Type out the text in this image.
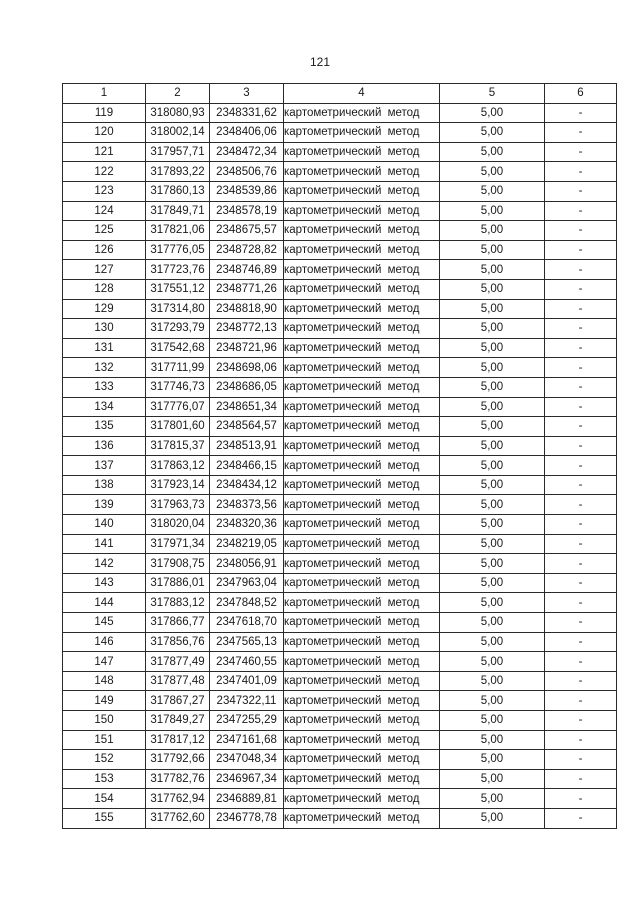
121
1	2	3	4	5	6
119	318080,93	2348331,62	картометрический метод	5,00	-
120	318002,14	2348406,06	картометрический метод	5,00	-
121	317957,71	2348472,34	картометрический метод	5,00	-
122	317893,22	2348506,76	картометрический метод	5,00	-
123	317860,13	2348539,86	картометрический метод	5,00	-
124	317849,71	2348578,19	картометрический метод	5,00	-
125	317821,06	2348675,57	картометрический метод	5,00	-
126	317776,05	2348728,82	картометрический метод	5,00	-
127	317723,76	2348746,89	картометрический метод	5,00	-
128	317551,12	2348771,26	картометрический метод	5,00	-
129	317314,80	2348818,90	картометрический метод	5,00	-
130	317293,79	2348772,13	картометрический метод	5,00	-
131	317542,68	2348721,96	картометрический метод	5,00	-
132	317711,99	2348698,06	картометрический метод	5,00	-
133	317746,73	2348686,05	картометрический метод	5,00	-
134	317776,07	2348651,34	картометрический метод	5,00	-
135	317801,60	2348564,57	картометрический метод	5,00	-
136	317815,37	2348513,91	картометрический метод	5,00	-
137	317863,12	2348466,15	картометрический метод	5,00	-
138	317923,14	2348434,12	картометрический метод	5,00	-
139	317963,73	2348373,56	картометрический метод	5,00	-
140	318020,04	2348320,36	картометрический метод	5,00	-
141	317971,34	2348219,05	картометрический метод	5,00	-
142	317908,75	2348056,91	картометрический метод	5,00	-
143	317886,01	2347963,04	картометрический метод	5,00	-
144	317883,12	2347848,52	картометрический метод	5,00	-
145	317866,77	2347618,70	картометрический метод	5,00	-
146	317856,76	2347565,13	картометрический метод	5,00	-
147	317877,49	2347460,55	картометрический метод	5,00	-
148	317877,48	2347401,09	картометрический метод	5,00	-
149	317867,27	2347322,11	картометрический метод	5,00	-
150	317849,27	2347255,29	картометрический метод	5,00	-
151	317817,12	2347161,68	картометрический метод	5,00	-
152	317792,66	2347048,34	картометрический метод	5,00	-
153	317782,76	2346967,34	картометрический метод	5,00	-
154	317762,94	2346889,81	картометрический метод	5,00	-
155	317762,60	2346778,78	картометрический метод	5,00	-
